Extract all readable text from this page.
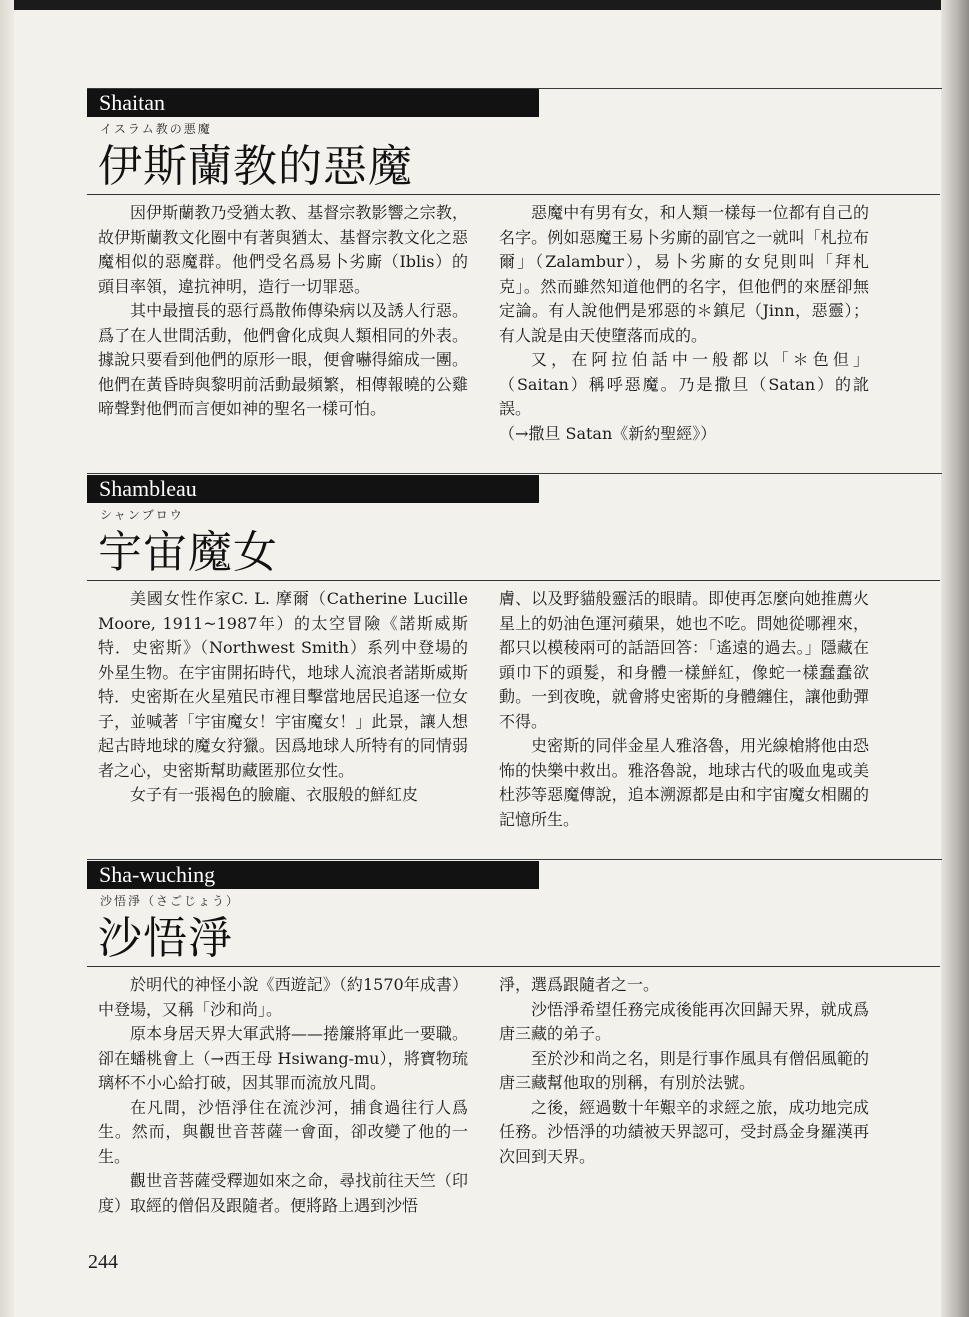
Shaitan
イスラム教の悪魔
伊斯蘭教的惡魔

因伊斯蘭教乃受猶太教、基督宗教影響之宗教，故伊斯蘭教文化圈中有著與猶太、基督宗教文化之惡魔相似的惡魔群。他們受名爲易卜劣廝（Iblis）的頭目率領，違抗神明，造行一切罪惡。

其中最擅長的惡行爲散佈傳染病以及誘人行惡。爲了在人世間活動，他們會化成與人類相同的外表。據說只要看到他們的原形一眼，便會嚇得縮成一團。他們在黃昏時與黎明前活動最頻繁，相傳報曉的公雞啼聲對他們而言便如神的聖名一樣可怕。

惡魔中有男有女，和人類一樣每一位都有自己的名字。例如惡魔王易卜劣廝的副官之一就叫「札拉布爾」（Zalambur），易卜劣廝的女兒則叫「拜札克」。然而雖然知道他們的名字，但他們的來歷卻無定論。有人說他們是邪惡的＊鎮尼（Jinn，惡靈）；有人說是由天使墮落而成的。

又，在阿拉伯話中一般都以「＊色但」（Saitan）稱呼惡魔。乃是撒旦（Satan）的訛誤。

（→撒旦 Satan《新約聖經》）

Shambleau
シャンブロウ
宇宙魔女

美國女性作家C. L. 摩爾（Catherine Lucille Moore, 1911~1987年）的太空冒險《諾斯威斯特．史密斯》（Northwest Smith）系列中登場的外星生物。在宇宙開拓時代，地球人流浪者諾斯威斯特．史密斯在火星殖民市裡目擊當地居民追逐一位女子，並喊著「宇宙魔女！宇宙魔女！」此景，讓人想起古時地球的魔女狩獵。因爲地球人所特有的同情弱者之心，史密斯幫助藏匿那位女性。

女子有一張褐色的臉龐、衣服般的鮮紅皮

膚、以及野貓般靈活的眼睛。即使再怎麼向她推薦火星上的奶油色運河蘋果，她也不吃。問她從哪裡來，都只以模稜兩可的話語回答：「遙遠的過去。」隱藏在頭巾下的頭髮，和身體一樣鮮紅，像蛇一樣蠢蠢欲動。一到夜晚，就會將史密斯的身體纏住，讓他動彈不得。

史密斯的同伴金星人雅洛魯，用光線槍將他由恐怖的快樂中救出。雅洛魯說，地球古代的吸血鬼或美杜莎等惡魔傳說，追本溯源都是由和宇宙魔女相關的記憶所生。

Sha-wuching
沙悟淨（さごじょう）
沙悟淨

於明代的神怪小說《西遊記》（約1570年成書）中登場，又稱「沙和尚」。

原本身居天界大軍武將——捲簾將軍此一要職。卻在蟠桃會上（→西王母 Hsiwang-mu），將寶物琉璃杯不小心給打破，因其罪而流放凡間。

在凡間，沙悟淨住在流沙河，捕食過往行人爲生。然而，與觀世音菩薩一會面，卻改變了他的一生。

觀世音菩薩受釋迦如來之命，尋找前往天竺（印度）取經的僧侶及跟隨者。便將路上遇到沙悟

淨，選爲跟隨者之一。

沙悟淨希望任務完成後能再次回歸天界，就成爲唐三藏的弟子。

至於沙和尚之名，則是行事作風具有僧侶風範的唐三藏幫他取的別稱，有別於法號。

之後，經過數十年艱辛的求經之旅，成功地完成任務。沙悟淨的功績被天界認可，受封爲金身羅漢再次回到天界。

244
